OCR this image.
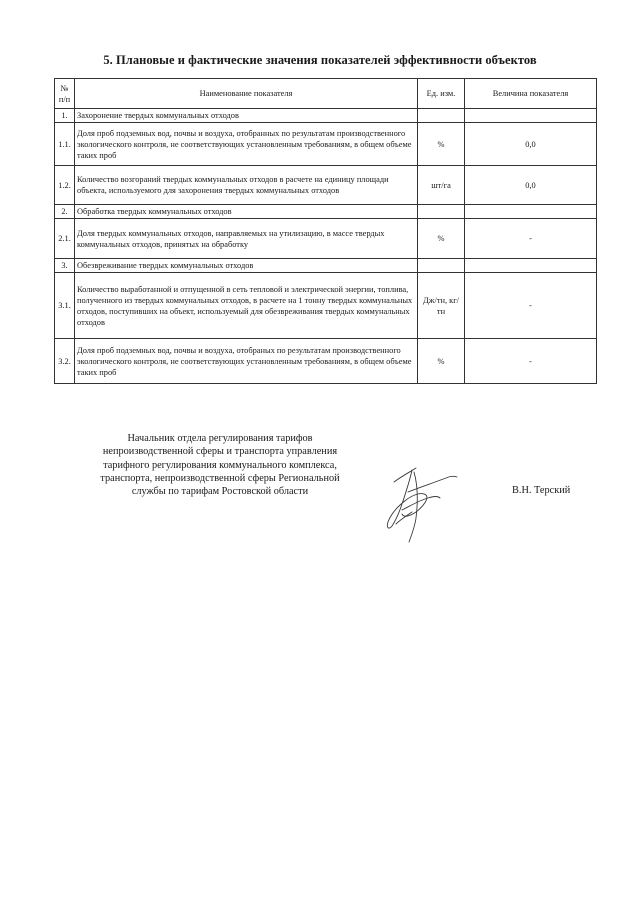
5. Плановые и фактические значения показателей эффективности объектов
№ п/п	Наименование показателя	Ед. изм.	Величина показателя
1.	Захоронение твердых коммунальных отходов		
1.1.	Доля проб подземных вод, почвы и воздуха, отобранных по результатам производственного экологического контроля, не соответствующих установленным требованиям, в общем объеме таких проб	%	0,0
1.2.	Количество возгораний твердых коммунальных отходов в расчете на единицу площади объекта, используемого для захоронения твердых коммунальных отходов	шт/га	0,0
2.	Обработка твердых коммунальных отходов		
2.1.	Доля твердых коммунальных отходов, направляемых на утилизацию, в массе твердых коммунальных отходов, принятых на обработку	%	-
3.	Обезвреживание твердых коммунальных отходов		
3.1.	Количество выработанной и отпущенной в сеть тепловой и электрической энергии, топлива, полученного из твердых коммунальных отходов, в расчете на 1 тонну твердых коммунальных отходов, поступивших на объект, используемый для обезвреживания твердых коммунальных отходов	Дж/тн, кг/тн	-
3.2.	Доля проб подземных вод, почвы и воздуха, отобраных по результатам производственного экологического контроля, не соответствующих установленным требованиям, в общем объеме таких проб	%	-
Начальник отдела регулирования тарифов
непроизводственной сферы и транспорта управления
тарифного регулирования коммунального комплекса,
транспорта, непроизводственной сферы Региональной
службы по тарифам Ростовской области	В.Н. Терский
